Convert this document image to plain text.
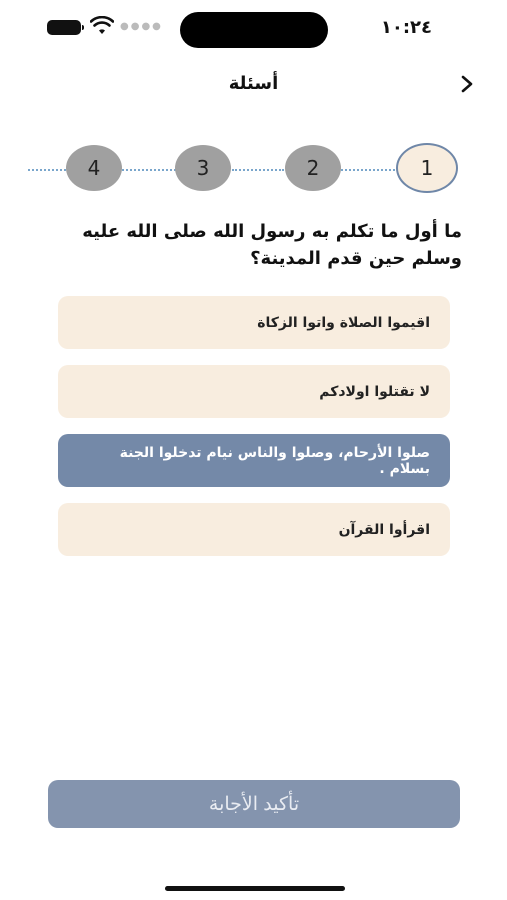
●●●●	١٠:٢٤
أسئلة
4	3	2	1
ما أول ما تكلم به رسول الله صلى الله عليه وسلم حين قدم المدينة؟
اقيموا الصلاة واتوا الزكاة
لا تقتلوا اولادكم
صلوا الأرحام، وصلوا والناس نيام تدخلوا الجنة بسلام .
اقرأوا القرآن
تأكيد الأجابة
